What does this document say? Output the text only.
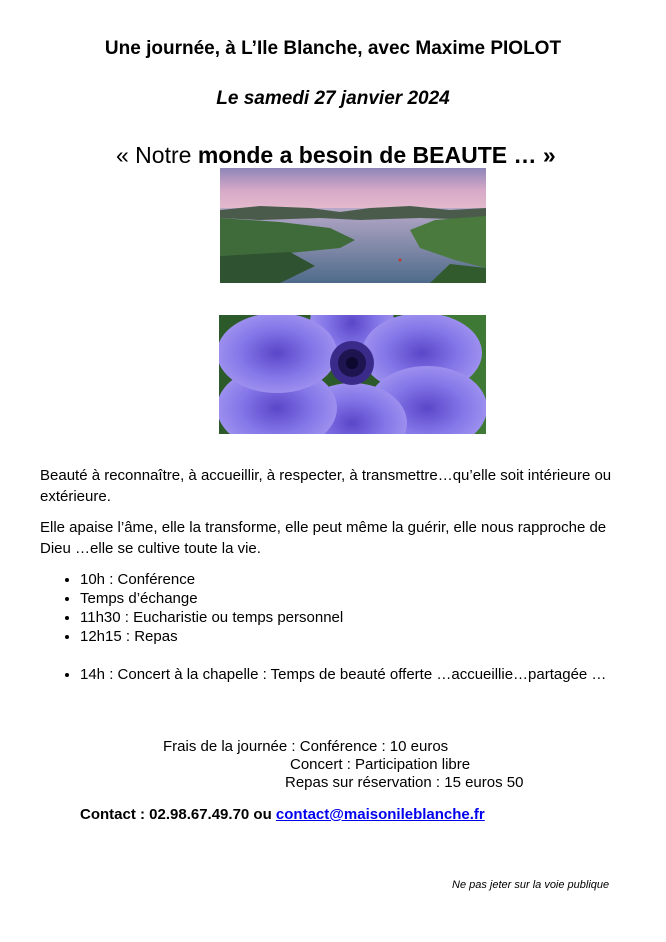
Une journée, à L’Ile Blanche, avec Maxime PIOLOT
Le samedi 27 janvier 2024
« Notre monde a besoin de BEAUTE … »
Beauté à reconnaître, à accueillir, à respecter, à transmettre…qu’elle soit intérieure ou extérieure.
Elle apaise l’âme, elle la transforme, elle peut même la guérir, elle nous rapproche de Dieu …elle se cultive toute la vie.
• 10h : Conférence
• Temps d’échange
• 11h30 : Eucharistie ou temps personnel
• 12h15 : Repas
• 14h : Concert à la chapelle : Temps de beauté offerte …accueillie…partagée …
Frais de la journée : Conférence : 10 euros
Concert : Participation libre
Repas sur réservation : 15 euros 50
Contact : 02.98.67.49.70 ou contact@maisonileblanche.fr
Ne pas jeter sur la voie publique
